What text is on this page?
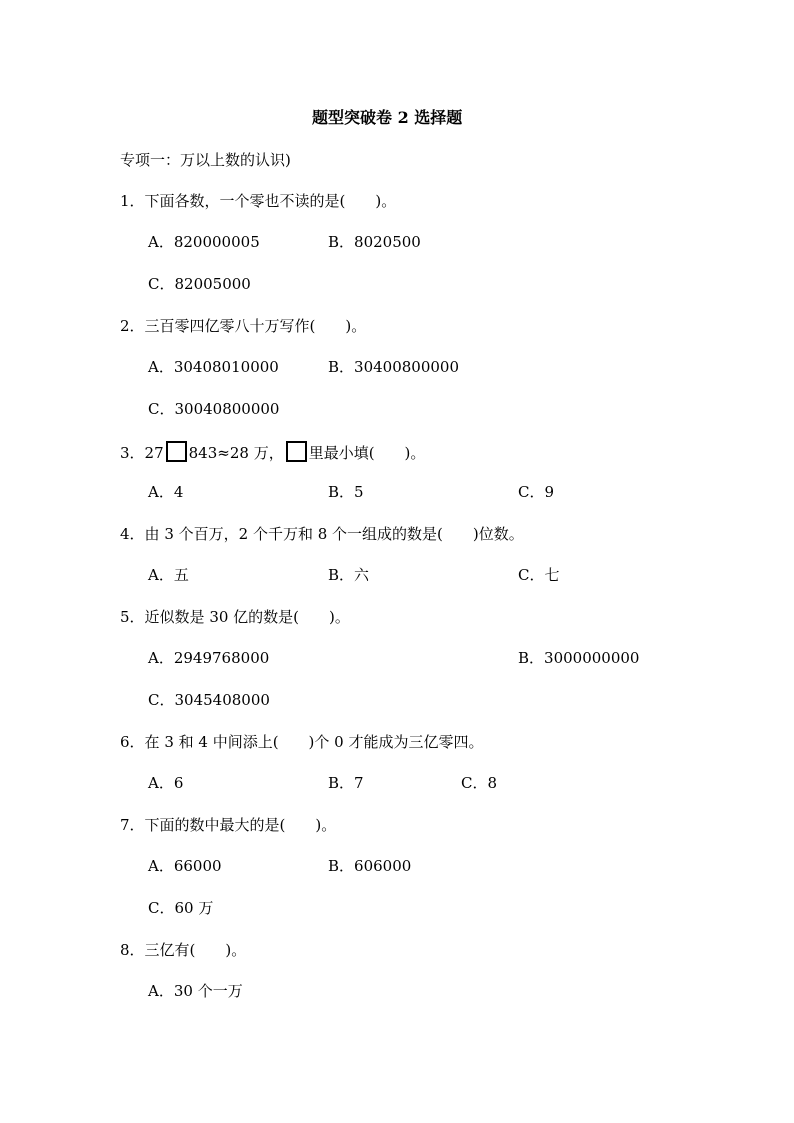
题型突破卷 2 选择题
专项一：万以上数的认识)
1．下面各数，一个零也不读的是(　　)。
A．820000005	B．8020500
C．82005000
2．三百零四亿零八十万写作(　　)。
A．30408010000	B．30400800000
C．30040800000
3．27 843≈28 万， 里最小填(　　)。
A．4	B．5	C．9
4．由 3 个百万，2 个千万和 8 个一组成的数是(　　)位数。
A．五	B．六	C．七
5．近似数是 30 亿的数是(　　)。
A．2949768000	B．3000000000
C．3045408000
6．在 3 和 4 中间添上(　　)个 0 才能成为三亿零四。
A．6	B．7	C．8
7．下面的数中最大的是(　　)。
A．66000	B．606000
C．60 万
8．三亿有(　　)。
A．30 个一万
